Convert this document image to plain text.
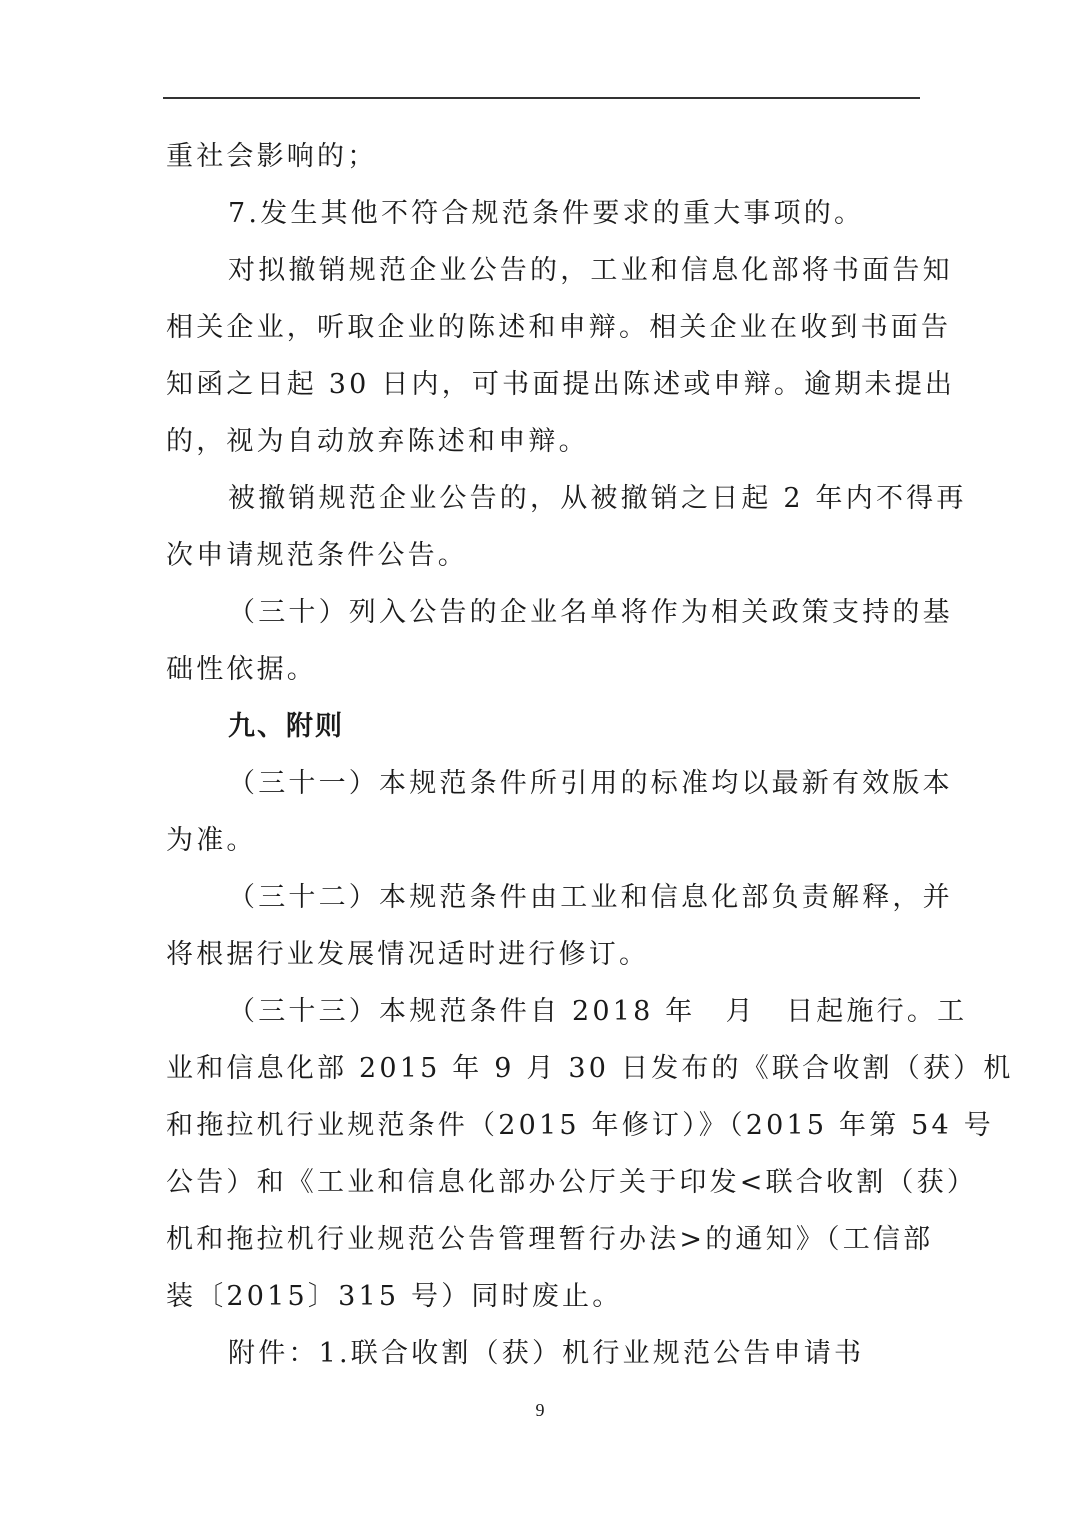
重社会影响的；
7.发生其他不符合规范条件要求的重大事项的。
对拟撤销规范企业公告的，工业和信息化部将书面告知
相关企业，听取企业的陈述和申辩。相关企业在收到书面告
知函之日起 30 日内，可书面提出陈述或申辩。逾期未提出
的，视为自动放弃陈述和申辩。
被撤销规范企业公告的，从被撤销之日起 2 年内不得再
次申请规范条件公告。
（三十）列入公告的企业名单将作为相关政策支持的基
础性依据。
九、附则
（三十一）本规范条件所引用的标准均以最新有效版本
为准。
（三十二）本规范条件由工业和信息化部负责解释，并
将根据行业发展情况适时进行修订。
（三十三）本规范条件自 2018 年　月　日起施行。工
业和信息化部 2015 年 9 月 30 日发布的《联合收割（获）机
和拖拉机行业规范条件（2015 年修订）》（2015 年第 54 号
公告）和《工业和信息化部办公厅关于印发<联合收割（获）
机和拖拉机行业规范公告管理暂行办法>的通知》（工信部
装〔2015〕315 号）同时废止。
附件：1.联合收割（获）机行业规范公告申请书
9
